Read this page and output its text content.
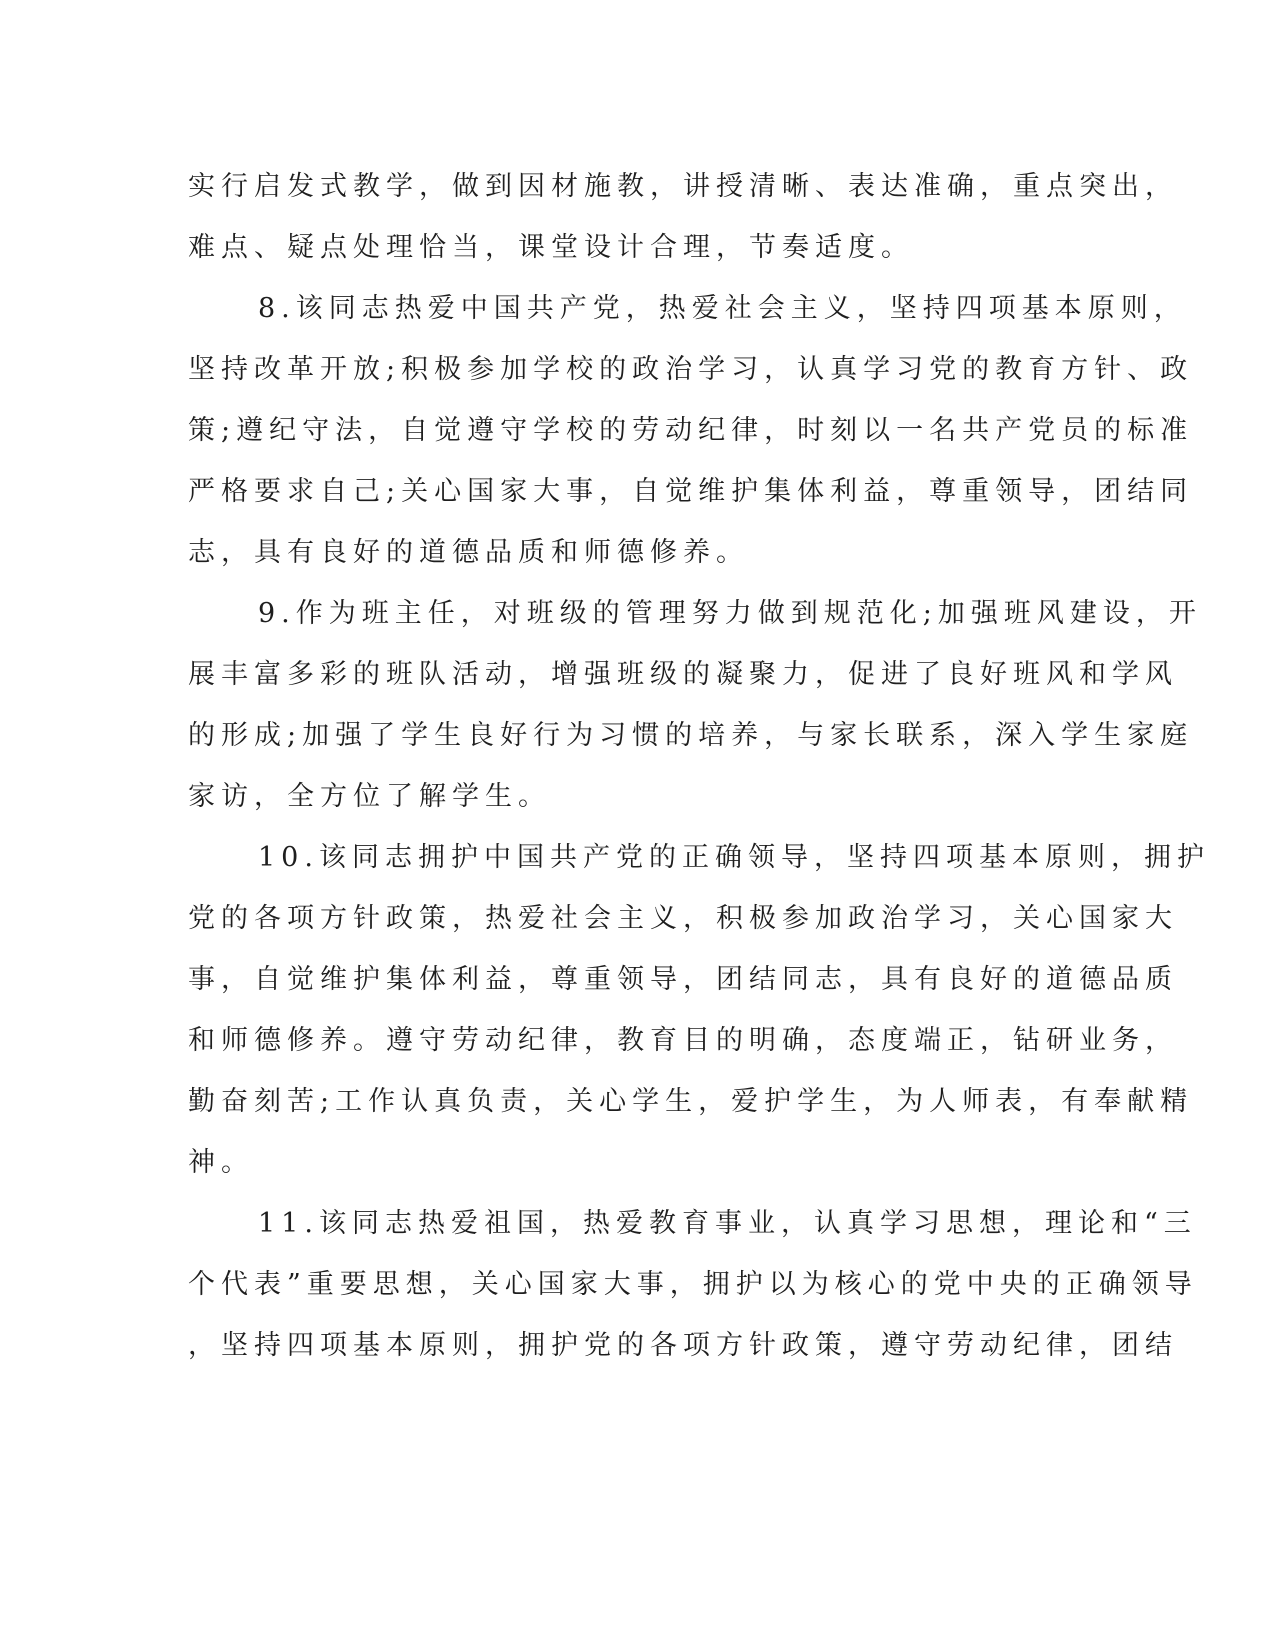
实行启发式教学，做到因材施教，讲授清晰、表达准确，重点突出，
难点、疑点处理恰当，课堂设计合理，节奏适度。
8.该同志热爱中国共产党，热爱社会主义，坚持四项基本原则，
坚持改革开放;积极参加学校的政治学习，认真学习党的教育方针、政
策;遵纪守法，自觉遵守学校的劳动纪律，时刻以一名共产党员的标准
严格要求自己;关心国家大事，自觉维护集体利益，尊重领导，团结同
志，具有良好的道德品质和师德修养。
9.作为班主任，对班级的管理努力做到规范化;加强班风建设，开
展丰富多彩的班队活动，增强班级的凝聚力，促进了良好班风和学风
的形成;加强了学生良好行为习惯的培养，与家长联系，深入学生家庭
家访，全方位了解学生。
10.该同志拥护中国共产党的正确领导，坚持四项基本原则，拥护
党的各项方针政策，热爱社会主义，积极参加政治学习，关心国家大
事，自觉维护集体利益，尊重领导，团结同志，具有良好的道德品质
和师德修养。遵守劳动纪律，教育目的明确，态度端正，钻研业务，
勤奋刻苦;工作认真负责，关心学生，爱护学生，为人师表，有奉献精
神。
11.该同志热爱祖国，热爱教育事业，认真学习思想，理论和“三
个代表”重要思想，关心国家大事，拥护以为核心的党中央的正确领导
，坚持四项基本原则，拥护党的各项方针政策，遵守劳动纪律，团结
